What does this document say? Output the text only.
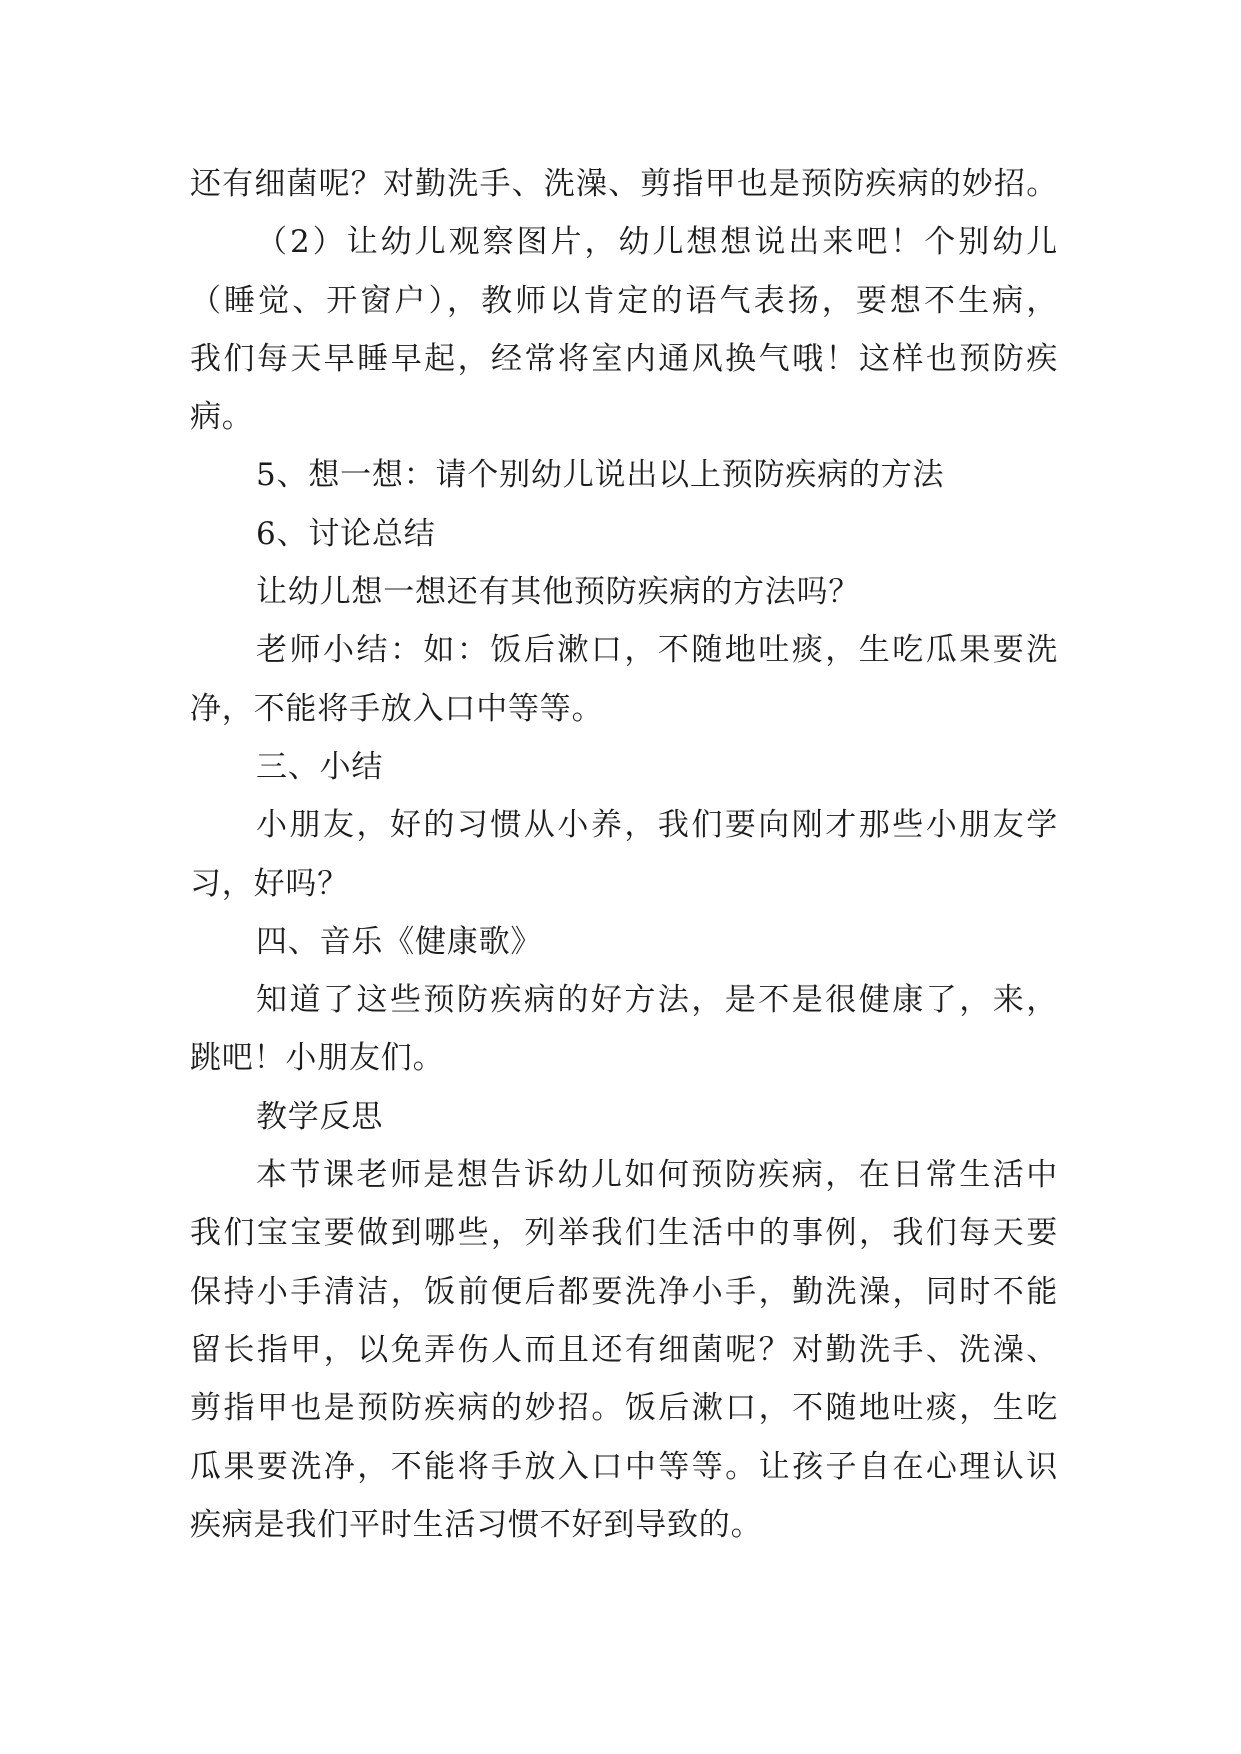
还有细菌呢？对勤洗手、洗澡、剪指甲也是预防疾病的妙招。
（2）让幼儿观察图片，幼儿想想说出来吧！个别幼儿
（睡觉、开窗户），教师以肯定的语气表扬，要想不生病，
我们每天早睡早起，经常将室内通风换气哦！这样也预防疾
病。
5、想一想：请个别幼儿说出以上预防疾病的方法
6、讨论总结
让幼儿想一想还有其他预防疾病的方法吗？
老师小结：如：饭后漱口，不随地吐痰，生吃瓜果要洗
净，不能将手放入口中等等。
三、小结
小朋友，好的习惯从小养，我们要向刚才那些小朋友学
习，好吗？
四、音乐《健康歌》
知道了这些预防疾病的好方法，是不是很健康了，来，
跳吧！小朋友们。
教学反思
本节课老师是想告诉幼儿如何预防疾病，在日常生活中
我们宝宝要做到哪些，列举我们生活中的事例，我们每天要
保持小手清洁，饭前便后都要洗净小手，勤洗澡，同时不能
留长指甲，以免弄伤人而且还有细菌呢？对勤洗手、洗澡、
剪指甲也是预防疾病的妙招。饭后漱口，不随地吐痰，生吃
瓜果要洗净，不能将手放入口中等等。让孩子自在心理认识
疾病是我们平时生活习惯不好到导致的。
